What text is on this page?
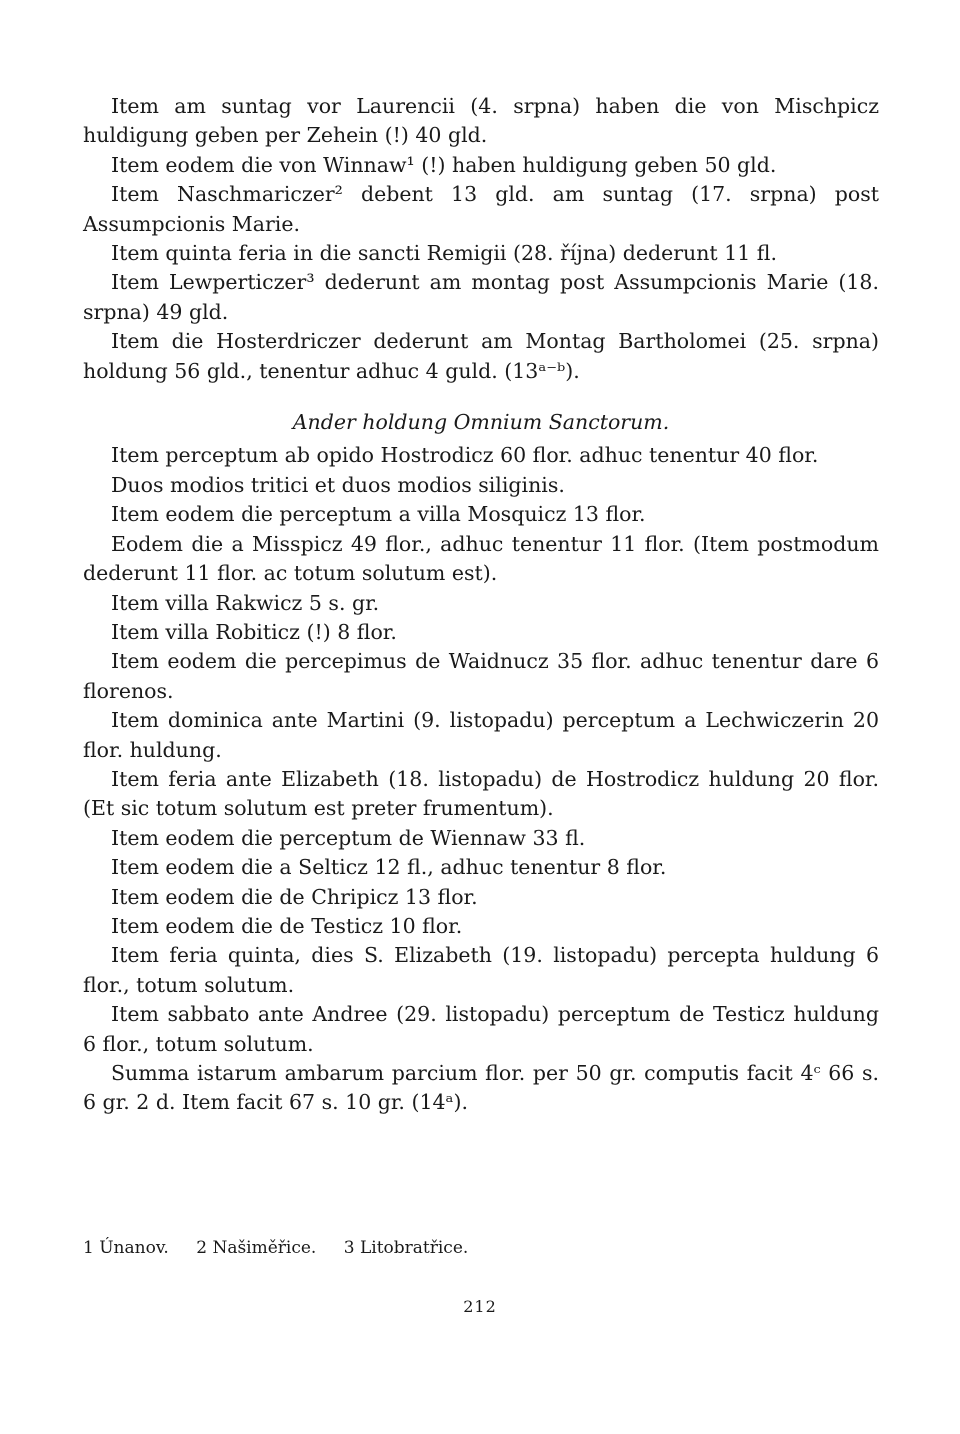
Item am suntag vor Laurencii (4. srpna) haben die von Mischpicz huldigung geben per Zehein (!) 40 gld.

Item eodem die von Winnaw¹ (!) haben huldigung geben 50 gld.

Item Naschmariczer² debent 13 gld. am suntag (17. srpna) post Assumpcionis Marie.

Item quinta feria in die sancti Remigii (28. října) dederunt 11 fl.

Item Lewperticzer³ dederunt am montag post Assumpcionis Marie (18. srpna) 49 gld.

Item die Hosterdriczer dederunt am Montag Bartholomei (25. srpna) holdung 56 gld., tenentur adhuc 4 guld. (13ᵃ⁻ᵇ).

Ander holdung Omnium Sanctorum.

Item perceptum ab opido Hostrodicz 60 flor. adhuc tenentur 40 flor.

Duos modios tritici et duos modios siliginis.

Item eodem die perceptum a villa Mosquicz 13 flor.

Eodem die a Misspicz 49 flor., adhuc tenentur 11 flor. (Item postmodum dederunt 11 flor. ac totum solutum est).

Item villa Rakwicz 5 s. gr.

Item villa Robiticz (!) 8 flor.

Item eodem die percepimus de Waidnucz 35 flor. adhuc tenentur dare 6 florenos.

Item dominica ante Martini (9. listopadu) perceptum a Lechwiczerin 20 flor. huldung.

Item feria ante Elizabeth (18. listopadu) de Hostrodicz huldung 20 flor. (Et sic totum solutum est preter frumentum).

Item eodem die perceptum de Wiennaw 33 fl.

Item eodem die a Selticz 12 fl., adhuc tenentur 8 flor.

Item eodem die de Chripicz 13 flor.

Item eodem die de Testicz 10 flor.

Item feria quinta, dies S. Elizabeth (19. listopadu) percepta huldung 6 flor., totum solutum.

Item sabbato ante Andree (29. listopadu) perceptum de Testicz huldung 6 flor., totum solutum.

Summa istarum ambarum parcium flor. per 50 gr. computis facit 4ᶜ 66 s. 6 gr. 2 d. Item facit 67 s. 10 gr. (14ᵃ).

1 Únanov. 2 Našiměřice. 3 Litobratřice.
212
